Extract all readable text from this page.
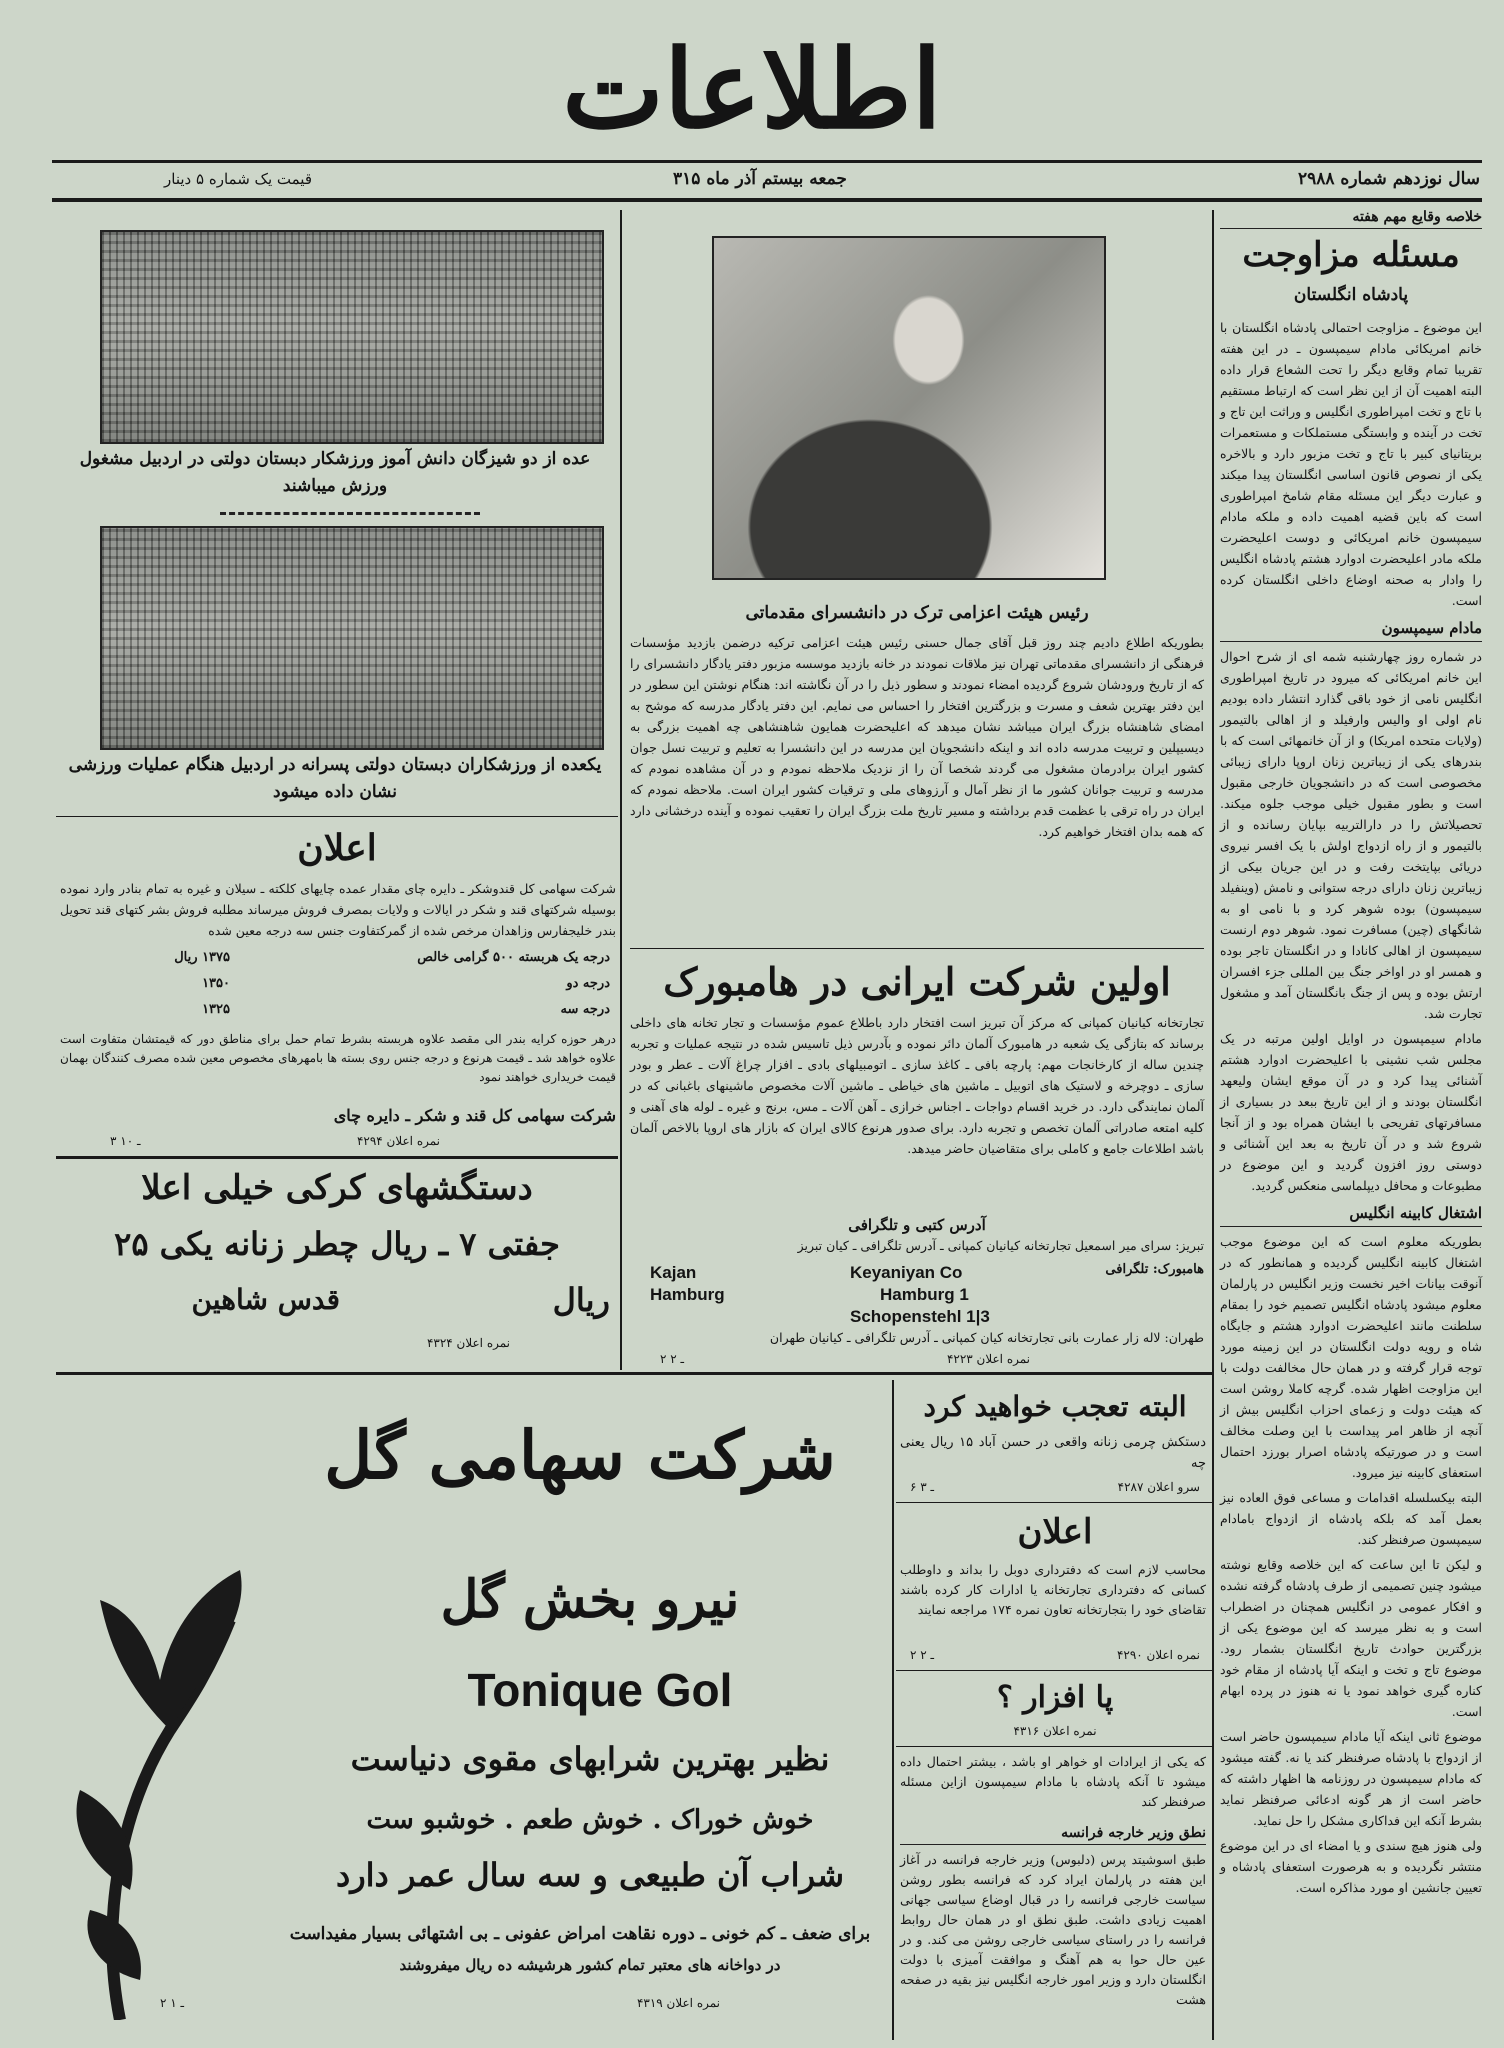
اطلاعات
سال نوزدهم شماره ۲۹۸۸
جمعه بیستم آذر ماه ۳۱۵
قیمت یک شماره ۵ دینار
خلاصه وقایع مهم هفته
مسئله مزاوجت
پادشاه انگلستان
این موضوع ـ مزاوجت احتمالی پادشاه انگلستان با خانم امریکائی مادام سیمپسون ـ در این هفته تقریبا تمام وقایع دیگر را تحت الشعاع قرار داده البته اهمیت آن از این نظر است که ارتباط مستقیم با تاج و تخت امپراطوری انگلیس و وراثت این تاج و تخت در آینده و وابستگی مستملکات و مستعمرات بریتانیای کبیر با تاج و تخت مزبور دارد و بالاخره یکی از نصوص قانون اساسی انگلستان پیدا میکند و عبارت دیگر این مسئله مقام شامخ امپراطوری است که باین قضیه اهمیت داده و ملکه مادام سیمپسون خانم امریکائی و دوست اعلیحضرت ملکه مادر اعلیحضرت ادوارد هشتم پادشاه انگلیس را وادار به صحنه اوضاع داخلی انگلستان کرده است.
مادام سیمپسون
در شماره روز چهارشنبه شمه ای از شرح احوال این خانم امریکائی که میرود در تاریخ امپراطوری انگلیس نامی از خود باقی گذارد انتشار داده بودیم نام اولی او والیس وارفیلد و از اهالی بالتیمور (ولایات متحده امریکا) و از آن خانمهائی است که با بندرهای یکی از زیباترین زنان اروپا دارای زیبائی مخصوصی است که در دانشجویان خارجی مقبول است و بطور مقبول خیلی موجب جلوه میکند. تحصیلاتش را در دارالتربیه بپایان رسانده و از بالتیمور و از راه ازدواج اولش با یک افسر نیروی دریائی بپایتخت رفت و در این جریان بیکی از زیباترین زنان دارای درجه ستوانی و نامش (وینفیلد سیمپسون) بوده شوهر کرد و با نامی او به شانگهای (چین) مسافرت نمود. شوهر دوم ارنست سیمپسون از اهالی کانادا و در انگلستان تاجر بوده و همسر او در اواخر جنگ بین المللی جزء افسران ارتش بوده و پس از جنگ بانگلستان آمد و مشغول تجارت شد.
مادام سیمپسون در اوایل اولین مرتبه در یک مجلس شب نشینی با اعلیحضرت ادوارد هشتم آشنائی پیدا کرد و در آن موقع ایشان ولیعهد انگلستان بودند و از این تاریخ ببعد در بسیاری از مسافرتهای تفریحی با ایشان همراه بود و از آنجا شروع شد و در آن تاریخ به بعد این آشنائی و دوستی روز افزون گردید و این موضوع در مطبوعات و محافل دیپلماسی منعکس گردید.
اشتغال کابینه انگلیس
بطوریکه معلوم است که این موضوع موجب اشتغال کابینه انگلیس گردیده و همانطور که در آنوقت بیانات اخیر نخست وزیر انگلیس در پارلمان معلوم میشود پادشاه انگلیس تصمیم خود را بمقام سلطنت مانند اعلیحضرت ادوارد هشتم و جایگاه شاه و رویه دولت انگلستان در این زمینه مورد توجه قرار گرفته و در همان حال مخالفت دولت با این مزاوجت اظهار شده. گرچه کاملا روشن است که هیئت دولت و زعمای احزاب انگلیس بیش از آنچه از ظاهر امر پیداست با این وصلت مخالف است و در صورتیکه پادشاه اصرار بورزد احتمال استعفای کابینه نیز میرود.
البته بیکسلسله اقدامات و مساعی فوق العاده نیز بعمل آمد که بلکه پادشاه از ازدواج بامادام سیمپسون صرفنظر کند.
و لیکن تا این ساعت که این خلاصه وقایع نوشته میشود چنین تصمیمی از طرف پادشاه گرفته نشده و افکار عمومی در انگلیس همچنان در اضطراب است و به نظر میرسد که این موضوع یکی از بزرگترین حوادث تاریخ انگلستان بشمار رود. موضوع تاج و تخت و اینکه آیا پادشاه از مقام خود کناره گیری خواهد نمود یا نه هنوز در پرده ابهام است.
موضوع ثانی اینکه آیا مادام سیمپسون حاضر است از ازدواج با پادشاه صرفنظر کند یا نه. گفته میشود که مادام سیمپسون در روزنامه ها اظهار داشته که حاضر است از هر گونه ادعائی صرفنظر نماید بشرط آنکه این فداکاری مشکل را حل نماید.
ولی هنوز هیچ سندی و یا امضاء ای در این موضوع منتشر نگردیده و به هرصورت استعفای پادشاه و تعیین جانشین او مورد مذاکره است.
رئیس هیئت اعزامی ترک در دانشسرای مقدماتی
بطوریکه اطلاع دادیم چند روز قبل آقای جمال حسنی رئیس هیئت اعزامی ترکیه درضمن بازدید مؤسسات فرهنگی از دانشسرای مقدماتی تهران نیز ملاقات نمودند در خانه بازدید موسسه مزبور دفتر یادگار دانشسرای را که از تاریخ ورودشان شروع گردیده امضاء نمودند و سطور ذیل را در آن نگاشته اند: هنگام نوشتن این سطور در این دفتر بهترین شعف و مسرت و بزرگترین افتخار را احساس می نمایم. این دفتر یادگار مدرسه که موشح به امضای شاهنشاه بزرگ ایران میباشد نشان میدهد که اعلیحضرت همایون شاهنشاهی چه اهمیت بزرگی به دیسیپلین و تربیت مدرسه داده اند و اینکه دانشجویان این مدرسه در این دانشسرا به تعلیم و تربیت نسل جوان کشور ایران برادرمان مشغول می گردند شخصا آن را از نزدیک ملاحظه نمودم و در آن مشاهده نمودم که مدرسه و تربیت جوانان کشور ما از نظر آمال و آرزوهای ملی و ترقیات کشور ایران است. ملاحظه نمودم که ایران در راه ترقی با عظمت قدم برداشته و مسیر تاریخ ملت بزرگ ایران را تعقیب نموده و آینده درخشانی دارد که همه بدان افتخار خواهیم کرد.
اولین شرکت ایرانی در هامبورک
تجارتخانه کیانیان کمپانی که مرکز آن تبریز است افتخار دارد باطلاع عموم مؤسسات و تجار تخانه های داخلی برساند که بتازگی یک شعبه در هامبورک آلمان دائر نموده و بآدرس ذیل تاسیس شده در نتیجه عملیات و تجربه چندین ساله از کارخانجات مهم: پارچه بافی ـ کاغذ سازی ـ اتومبیلهای بادی ـ افزار چراغ آلات ـ عطر و بودر سازی ـ دوچرخه و لاستیک های اتوبیل ـ ماشین های خیاطی ـ ماشین آلات مخصوص ماشینهای باغبانی که در آلمان نمایندگی دارد. در خرید اقسام دواجات ـ اجناس خرازی ـ آهن آلات ـ مس، برنج و غیره ـ لوله های آهنی و کلیه امتعه صادراتی آلمان تخصص و تجربه دارد. برای صدور هرنوع کالای ایران که بازار های اروپا بالاخص آلمان باشد اطلاعات جامع و کاملی برای متقاضیان حاضر میدهد.
آدرس کتبی و تلگرافی
تبریز: سرای میر اسمعیل تجارتخانه کیانیان کمپانی ـ آدرس تلگرافی ـ کیان تبریز
هامبورک: تلگرافی
Kajan
Hamburg
Keyaniyan Co
Hamburg 1
Schopenstehl 1|3
طهران: لاله زار عمارت بانی تجارتخانه کیان کمپانی ـ آدرس تلگرافی ـ کیانیان طهران
نمره اعلان ۴۲۲۳
۲ ـ ۲
عده از دو شیزگان دانش آموز ورزشکار دبستان دولتی در اردبیل مشغول ورزش میباشند
یکعده از ورزشکاران دبستان دولتی پسرانه در اردبیل هنگام عملیات ورزشی نشان داده میشود
اعلان
شرکت سهامی کل قندوشکر ـ دایره چای مقدار عمده چایهای کلکته ـ سیلان و غیره به تمام بنادر وارد نموده بوسیله شرکتهای قند و شکر در ایالات و ولایات بمصرف فروش میرساند مطلبه فروش بشر کتهای قند تحویل بندر خلیجفارس وزاهدان مرخص شده از گمرکتفاوت جنس سه درجه معین شده
درجه یک هربسته ۵۰۰ گرامی خالص
۱۳۷۵ ریال
درجه دو
۱۳۵۰
درجه سه
۱۳۲۵
درهر حوزه کرایه بندر الی مقصد علاوه هربسته بشرط تمام حمل برای مناطق دور که قیمتشان متفاوت است علاوه خواهد شد ـ قیمت هرنوع و درجه جنس روی بسته ها بامهرهای مخصوص معین شده مصرف کنندگان بهمان قیمت خریداری خواهند نمود
شرکت سهامی کل قند و شکر ـ دایره چای
نمره اعلان ۴۲۹۴
۳ ـ ۱۰
دستگشهای کرکی خیلی اعلا
جفتی ۷ ـ ریال چطر زنانه یکی ۲۵
ریال
قدس شاهین
نمره اعلان ۴۳۲۴
شرکت سهامی گل
نیرو بخش گل
Tonique Gol
نظیر بهترین شرابهای مقوی دنیاست
خوش خوراک . خوش طعم . خوشبو ست
شراب آن طبیعی و سه سال عمر دارد
برای ضعف ـ کم خونی ـ دوره نقاهت امراض عفونی ـ بی اشتهائی بسیار مفیداست
در دواخانه های معتبر تمام کشور هرشیشه ده ریال میفروشند
نمره اعلان ۴۳۱۹
۲ ـ ۱
البته تعجب خواهید کرد
دستکش چرمی زنانه واقعی در حسن آباد ۱۵ ریال یعنی چه
سرو اعلان ۴۲۸۷
۶ ـ ۳
اعلان
محاسب لازم است که دفترداری دوبل را بداند و داوطلب کسانی که دفترداری تجارتخانه یا ادارات کار کرده باشند تقاضای خود را بتجارتخانه تعاون نمره ۱۷۴ مراجعه نمایند
نمره اعلان ۴۲۹۰
۲ ـ ۲
پا افزار ؟
نمره اعلان ۴۳۱۶
که یکی از ایرادات او خواهر او باشد ، بیشتر احتمال داده میشود تا آنکه پادشاه با مادام سیمپسون ازاین مسئله صرفنظر کند
نطق وزیر خارجه فرانسه
طبق اسوشیتد پرس (دلبوس) وزیر خارجه فرانسه در آغاز این هفته در پارلمان ایراد کرد که فرانسه بطور روشن سیاست خارجی فرانسه را در قبال اوضاع سیاسی جهانی اهمیت زیادی داشت. طبق نطق او در همان حال روابط فرانسه را در راستای سیاسی خارجی روشن می کند. و در عین حال حوا به هم آهنگ و موافقت آمیزی با دولت انگلستان دارد و وزیر امور خارجه انگلیس نیز بقیه در صفحه هشت
